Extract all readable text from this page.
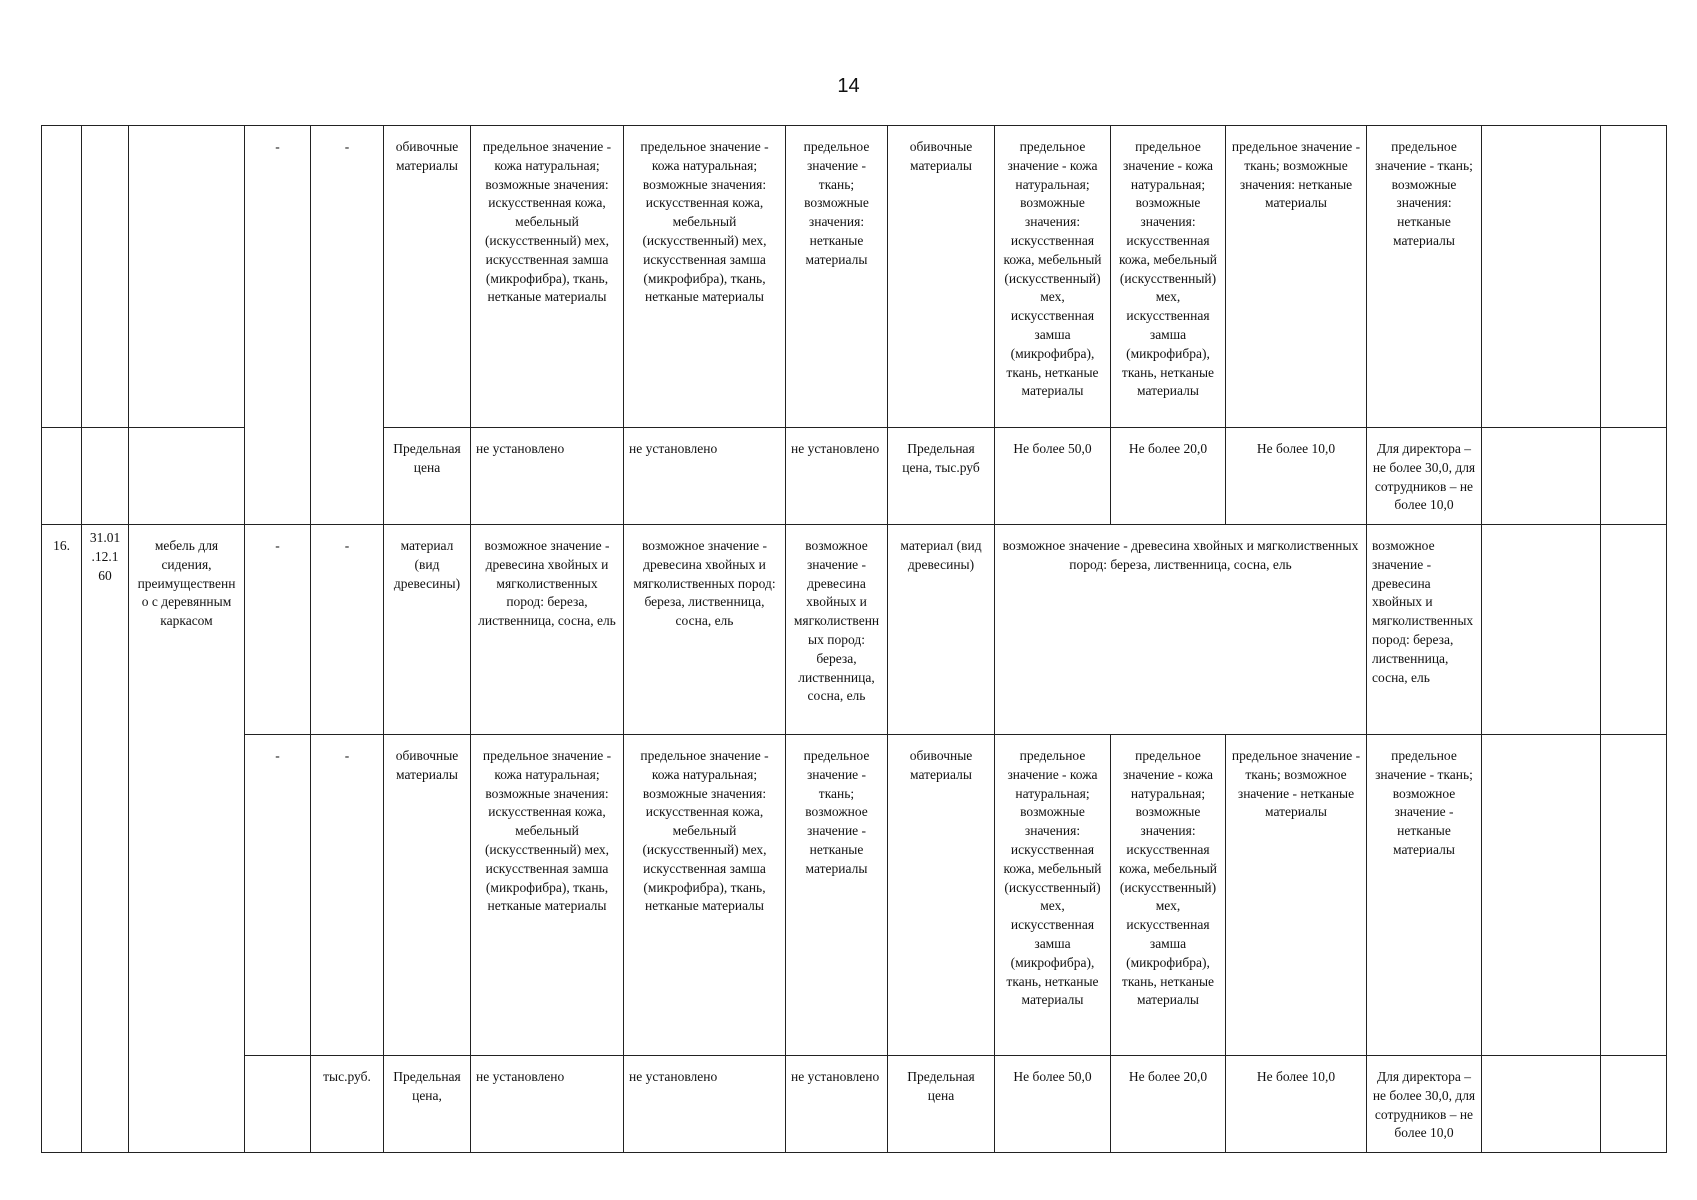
14
			-	-	обивочные материалы	предельное значение - кожа натуральная; возможные значения: искусственная кожа, мебельный (искусственный) мех, искусственная замша (микрофибра), ткань, нетканые материалы	предельное значение - кожа натуральная; возможные значения: искусственная кожа, мебельный (искусственный) мех, искусственная замша (микрофибра), ткань, нетканые материалы	предельное значение - ткань; возможные значения: нетканые материалы	обивочные материалы	предельное значение - кожа натуральная; возможные значения: искусственная кожа, мебельный (искусственный) мех, искусственная замша (микрофибра), ткань, нетканые материалы	предельное значение - кожа натуральная; возможные значения: искусственная кожа, мебельный (искусственный) мех, искусственная замша (микрофибра), ткань, нетканые материалы	предельное значение - ткань; возможные значения: нетканые материалы	предельное значение - ткань; возможные значения: нетканые материалы		
					Предельная цена	не установлено	не установлено	не установлено	Предельная цена, тыс.руб	Не более 50,0	Не более 20,0	Не более 10,0	Для директора – не более 30,0, для сотрудников – не более 10,0		
16.	31.01 .12.1 60	мебель для сидения, преимущественн о с деревянным каркасом	-	-	материал (вид древесины)	возможное значение - древесина хвойных и мягколиственных пород: береза, лиственница, сосна, ель	возможное значение - древесина хвойных и мягколиственных пород: береза, лиственница, сосна, ель	возможное значение - древесина хвойных и мягколиственных пород: береза, лиственница, сосна, ель	материал (вид древесины)	возможное значение - древесина хвойных и мягколиственных пород: береза, лиственница, сосна, ель			возможное значение - древесина хвойных и мягколиственных пород: береза, лиственница, сосна, ель		
			-	-	обивочные материалы	предельное значение - кожа натуральная; возможные значения: искусственная кожа, мебельный (искусственный) мех, искусственная замша (микрофибра), ткань, нетканые материалы	предельное значение - кожа натуральная; возможные значения: искусственная кожа, мебельный (искусственный) мех, искусственная замша (микрофибра), ткань, нетканые материалы	предельное значение - ткань; возможное значение - нетканые материалы	обивочные материалы	предельное значение - кожа натуральная; возможные значения: искусственная кожа, мебельный (искусственный) мех, искусственная замша (микрофибра), ткань, нетканые материалы	предельное значение - кожа натуральная; возможные значения: искусственная кожа, мебельный (искусственный) мех, искусственная замша (микрофибра), ткань, нетканые материалы	предельное значение - ткань; возможное значение - нетканые материалы	предельное значение - ткань; возможное значение - нетканые материалы		
				тыс.руб.	Предельная цена,	не установлено	не установлено	не установлено	Предельная цена	Не более 50,0	Не более 20,0	Не более 10,0	Для директора – не более 30,0, для сотрудников – не более 10,0		
